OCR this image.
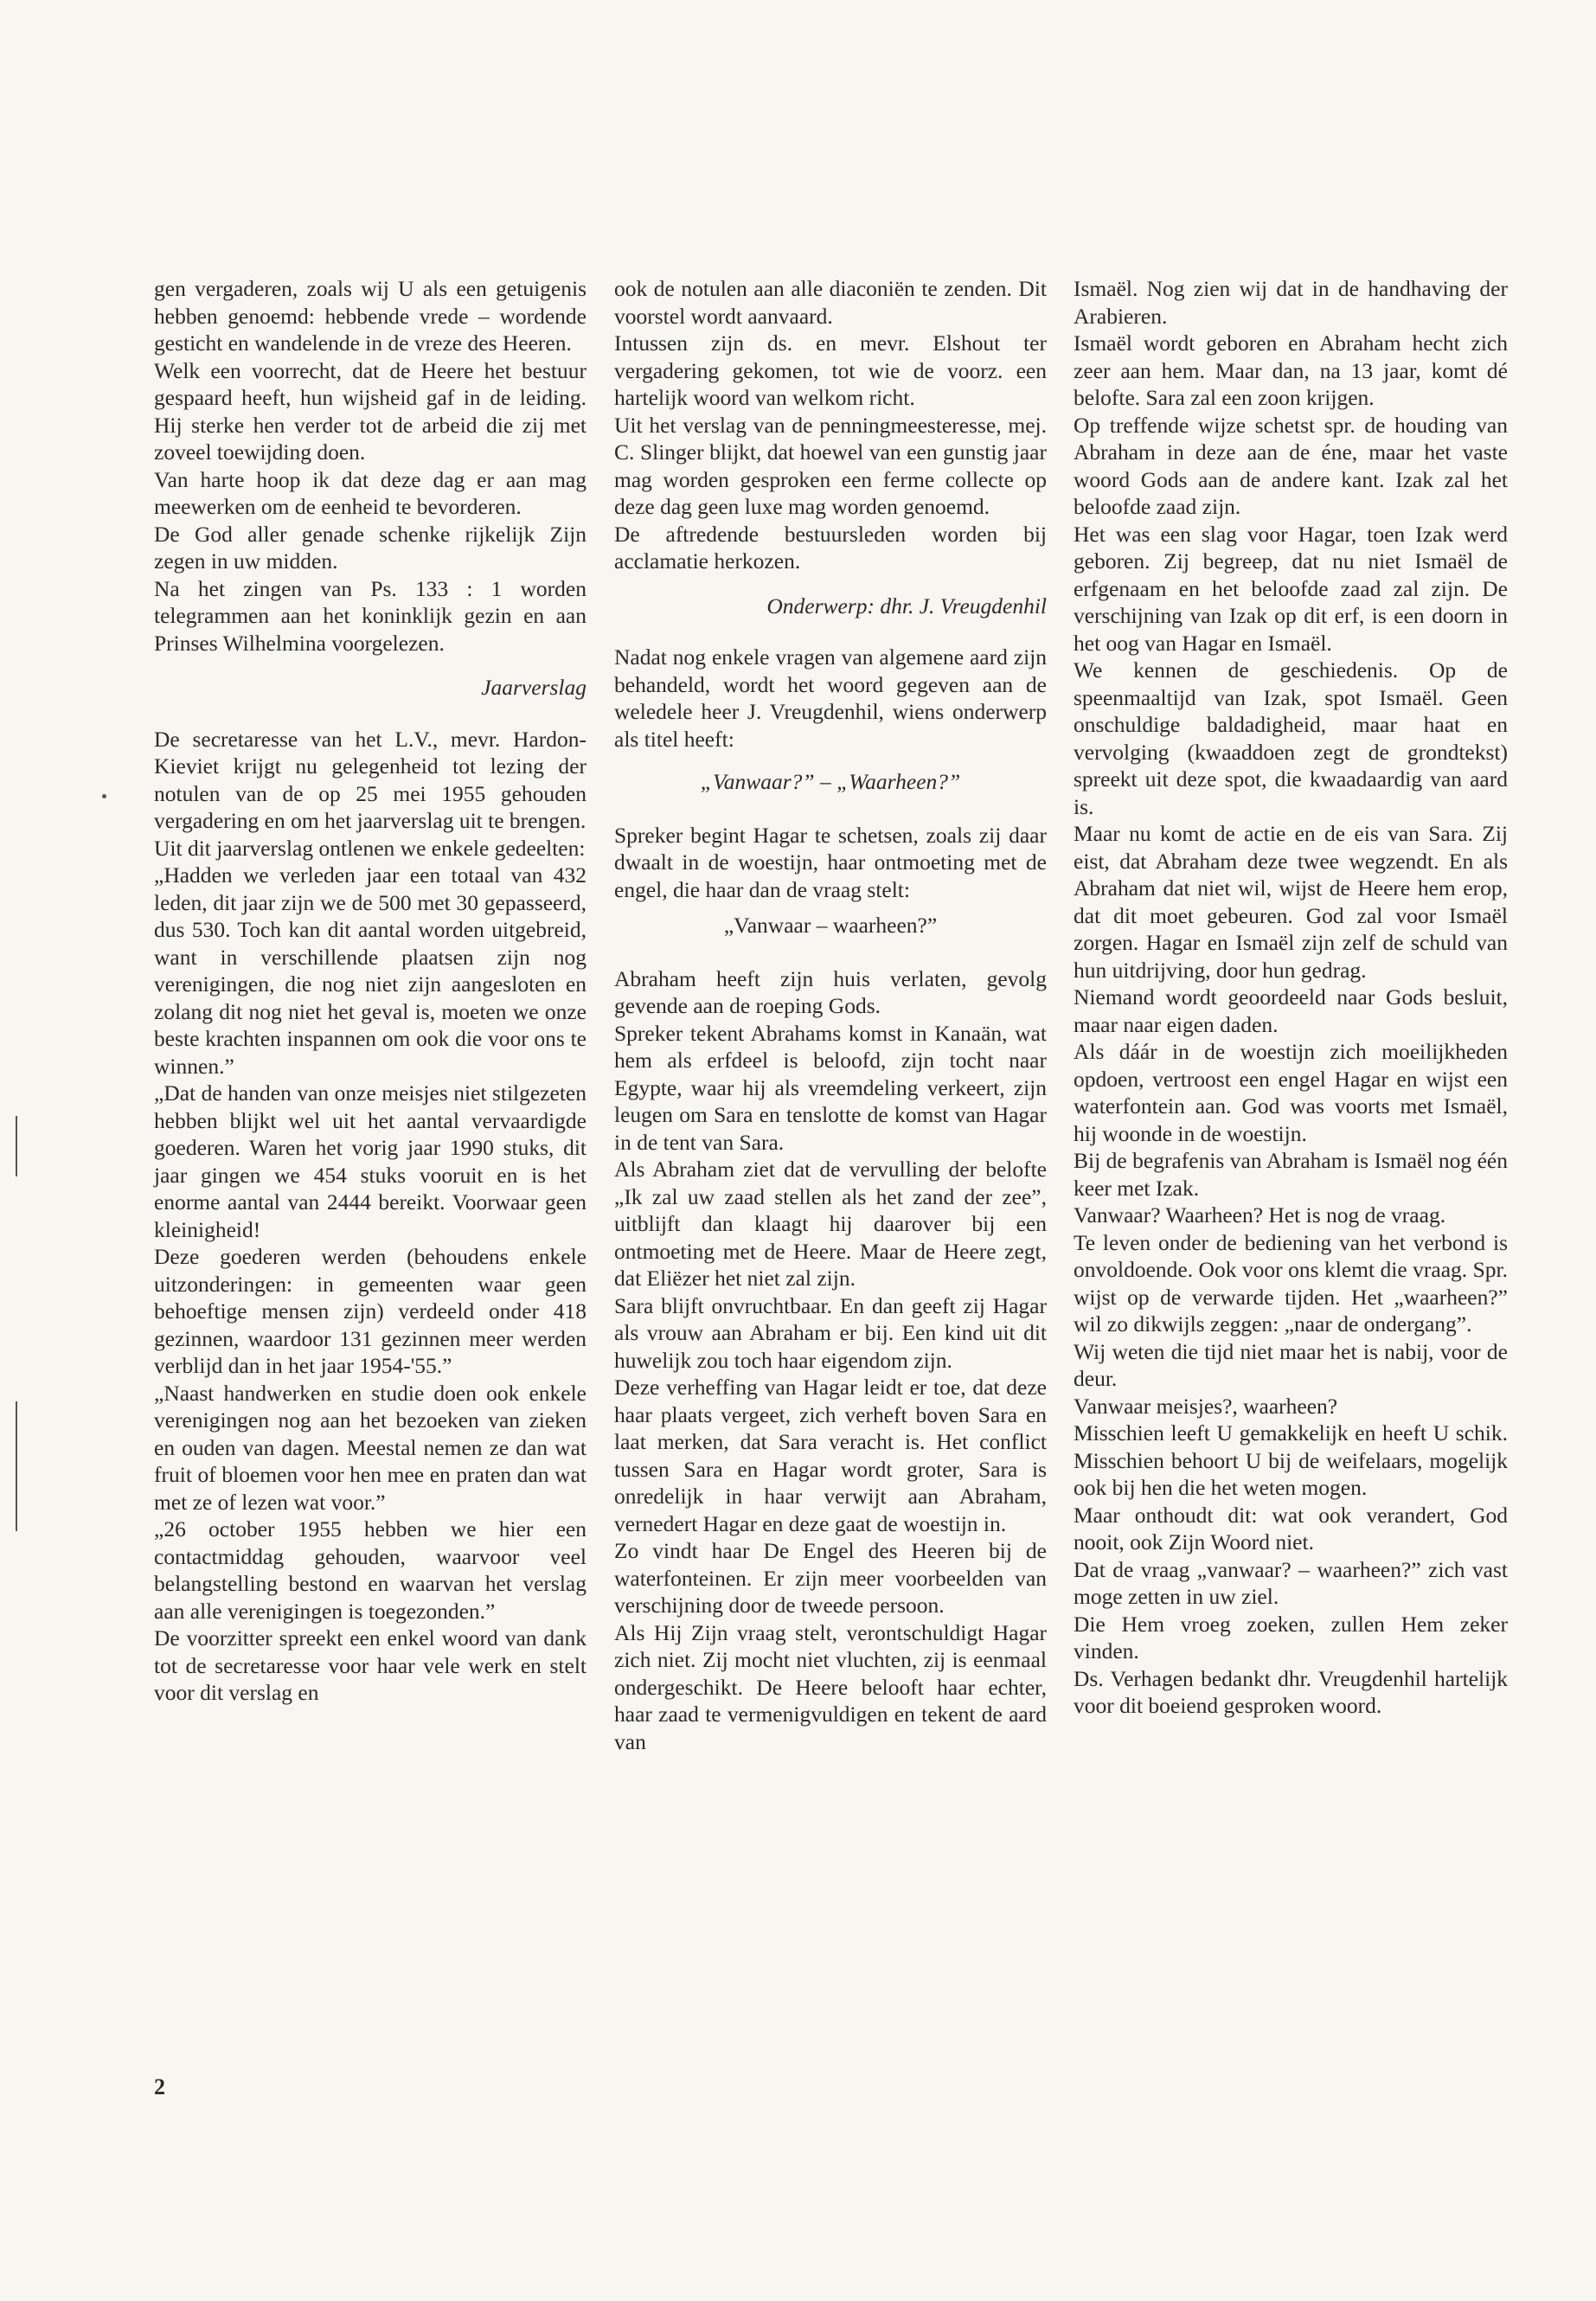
gen vergaderen, zoals wij U als een getuigenis hebben genoemd: hebbende vrede – wordende gesticht en wandelende in de vreze des Heeren.

Welk een voorrecht, dat de Heere het bestuur gespaard heeft, hun wijsheid gaf in de leiding. Hij sterke hen verder tot de arbeid die zij met zoveel toewijding doen.

Van harte hoop ik dat deze dag er aan mag meewerken om de eenheid te bevorderen.

De God aller genade schenke rijkelijk Zijn zegen in uw midden.

Na het zingen van Ps. 133 : 1 worden telegrammen aan het koninklijk gezin en aan Prinses Wilhelmina voorgelezen.

Jaarverslag

De secretaresse van het L.V., mevr. Hardon-Kieviet krijgt nu gelegenheid tot lezing der notulen van de op 25 mei 1955 gehouden vergadering en om het jaarverslag uit te brengen.

Uit dit jaarverslag ontlenen we enkele gedeelten:

„Hadden we verleden jaar een totaal van 432 leden, dit jaar zijn we de 500 met 30 gepasseerd, dus 530. Toch kan dit aantal worden uitgebreid, want in verschillende plaatsen zijn nog verenigingen, die nog niet zijn aangesloten en zolang dit nog niet het geval is, moeten we onze beste krachten inspannen om ook die voor ons te winnen.”

„Dat de handen van onze meisjes niet stilgezeten hebben blijkt wel uit het aantal vervaardigde goederen. Waren het vorig jaar 1990 stuks, dit jaar gingen we 454 stuks vooruit en is het enorme aantal van 2444 bereikt. Voorwaar geen kleinigheid!

Deze goederen werden (behoudens enkele uitzonderingen: in gemeenten waar geen behoeftige mensen zijn) verdeeld onder 418 gezinnen, waardoor 131 gezinnen meer werden verblijd dan in het jaar 1954-'55.”

„Naast handwerken en studie doen ook enkele verenigingen nog aan het bezoeken van zieken en ouden van dagen. Meestal nemen ze dan wat fruit of bloemen voor hen mee en praten dan wat met ze of lezen wat voor.”

„26 october 1955 hebben we hier een contactmiddag gehouden, waarvoor veel belangstelling bestond en waarvan het verslag aan alle verenigingen is toegezonden.”

De voorzitter spreekt een enkel woord van dank tot de secretaresse voor haar vele werk en stelt voor dit verslag en

ook de notulen aan alle diaconiën te zenden. Dit voorstel wordt aanvaard.

Intussen zijn ds. en mevr. Elshout ter vergadering gekomen, tot wie de voorz. een hartelijk woord van welkom richt.

Uit het verslag van de penningmeesteresse, mej. C. Slinger blijkt, dat hoewel van een gunstig jaar mag worden gesproken een ferme collecte op deze dag geen luxe mag worden genoemd.

De aftredende bestuursleden worden bij acclamatie herkozen.

Onderwerp: dhr. J. Vreugdenhil

Nadat nog enkele vragen van algemene aard zijn behandeld, wordt het woord gegeven aan de weledele heer J. Vreugdenhil, wiens onderwerp als titel heeft:

„Vanwaar?” – „Waarheen?”

Spreker begint Hagar te schetsen, zoals zij daar dwaalt in de woestijn, haar ontmoeting met de engel, die haar dan de vraag stelt:

„Vanwaar – waarheen?”

Abraham heeft zijn huis verlaten, gevolg gevende aan de roeping Gods.

Spreker tekent Abrahams komst in Kanaän, wat hem als erfdeel is beloofd, zijn tocht naar Egypte, waar hij als vreemdeling verkeert, zijn leugen om Sara en tenslotte de komst van Hagar in de tent van Sara.

Als Abraham ziet dat de vervulling der belofte „Ik zal uw zaad stellen als het zand der zee”, uitblijft dan klaagt hij daarover bij een ontmoeting met de Heere. Maar de Heere zegt, dat Eliëzer het niet zal zijn.

Sara blijft onvruchtbaar. En dan geeft zij Hagar als vrouw aan Abraham er bij. Een kind uit dit huwelijk zou toch haar eigendom zijn.

Deze verheffing van Hagar leidt er toe, dat deze haar plaats vergeet, zich verheft boven Sara en laat merken, dat Sara veracht is. Het conflict tussen Sara en Hagar wordt groter, Sara is onredelijk in haar verwijt aan Abraham, vernedert Hagar en deze gaat de woestijn in.

Zo vindt haar De Engel des Heeren bij de waterfonteinen. Er zijn meer voorbeelden van verschijning door de tweede persoon.

Als Hij Zijn vraag stelt, verontschuldigt Hagar zich niet. Zij mocht niet vluchten, zij is eenmaal ondergeschikt. De Heere belooft haar echter, haar zaad te vermenigvuldigen en tekent de aard van

Ismaël. Nog zien wij dat in de handhaving der Arabieren.

Ismaël wordt geboren en Abraham hecht zich zeer aan hem. Maar dan, na 13 jaar, komt dé belofte. Sara zal een zoon krijgen.

Op treffende wijze schetst spr. de houding van Abraham in deze aan de éne, maar het vaste woord Gods aan de andere kant. Izak zal het beloofde zaad zijn.

Het was een slag voor Hagar, toen Izak werd geboren. Zij begreep, dat nu niet Ismaël de erfgenaam en het beloofde zaad zal zijn. De verschijning van Izak op dit erf, is een doorn in het oog van Hagar en Ismaël.

We kennen de geschiedenis. Op de speenmaaltijd van Izak, spot Ismaël. Geen onschuldige baldadigheid, maar haat en vervolging (kwaaddoen zegt de grondtekst) spreekt uit deze spot, die kwaadaardig van aard is.

Maar nu komt de actie en de eis van Sara. Zij eist, dat Abraham deze twee wegzendt. En als Abraham dat niet wil, wijst de Heere hem erop, dat dit moet gebeuren. God zal voor Ismaël zorgen. Hagar en Ismaël zijn zelf de schuld van hun uitdrijving, door hun gedrag.

Niemand wordt geoordeeld naar Gods besluit, maar naar eigen daden.

Als dáár in de woestijn zich moeilijkheden opdoen, vertroost een engel Hagar en wijst een waterfontein aan. God was voorts met Ismaël, hij woonde in de woestijn.

Bij de begrafenis van Abraham is Ismaël nog één keer met Izak.

Vanwaar? Waarheen? Het is nog de vraag.

Te leven onder de bediening van het verbond is onvoldoende. Ook voor ons klemt die vraag. Spr. wijst op de verwarde tijden. Het „waarheen?” wil zo dikwijls zeggen: „naar de ondergang”.

Wij weten die tijd niet maar het is nabij, voor de deur.

Vanwaar meisjes?, waarheen?

Misschien leeft U gemakkelijk en heeft U schik. Misschien behoort U bij de weifelaars, mogelijk ook bij hen die het weten mogen.

Maar onthoudt dit: wat ook verandert, God nooit, ook Zijn Woord niet.

Dat de vraag „vanwaar? – waarheen?” zich vast moge zetten in uw ziel.

Die Hem vroeg zoeken, zullen Hem zeker vinden.

Ds. Verhagen bedankt dhr. Vreugdenhil hartelijk voor dit boeiend gesproken woord.

2
